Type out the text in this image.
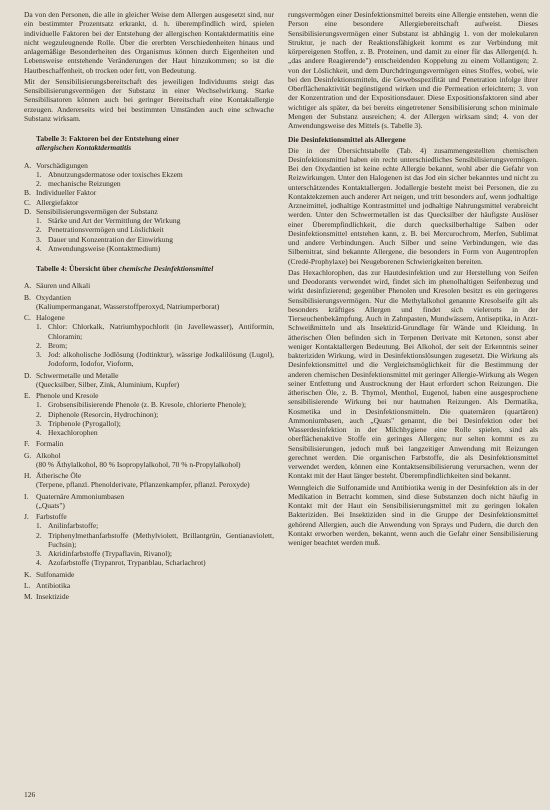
Da von den Personen, die alle in gleicher Weise dem Allergen ausgesetzt sind, nur ein bestimmter Prozentsatz erkrankt, d. h. überempfindlich wird, spielen individuelle Faktoren bei der Entstehung der allergischen Kontaktdermatitis eine nicht wegzuleugnende Rolle. Über die ererbten Verschiedenheiten hinaus und anlagemäßige Besonderheiten des Organismus können durch Eigenheiten und Lebensweise entstehende Veränderungen der Haut hinzukommen; so ist die Hautbeschaffenheit, ob trocken oder fett, von Bedeutung.

Mit der Sensibilisierungsbereitschaft des jeweiligen Individuums steigt das Sensibilisierungsvermögen der Substanz in einer Wechselwirkung. Starke Sensibilisatoren können auch bei geringer Bereitschaft eine Kontaktallergie erzeugen. Andererseits wird bei bestimmten Umständen auch eine schwache Substanz wirksam.

Tabelle 3: Faktoren bei der Entstehung einer
allergischen Kontaktdermatitis
A. Vorschädigungen
1. Abnutzungsdermatose oder toxisches Ekzem
2. mechanische Reizungen
B. Individueller Faktor
C. Allergiefaktor
D. Sensibilisierungsvermögen der Substanz
1. Stärke und Art der Vermittlung der Wirkung
2. Penetrationsvermögen und Löslichkeit
3. Dauer und Konzentration der Einwirkung
4. Anwendungsweise (Kontaktmedium)
Tabelle 4: Übersicht über chemische Desinfektionsmittel
A. Säuren und Alkali
B. Oxydantien
(Kaliumpermanganat, Wasserstoffperoxyd, Natriumperborat)
C. Halogene
1. Chlor: Chlorkalk, Natriumhypochlorit (in Javellewasser), Antiformin, Chloramin;
2. Brom;
3. Jod: alkoholische Jodlösung (Jodtinktur), wässrige Jodkalilösung (Lugol), Jodoform, Iodofor, Vioform,
D. Schwermetalle und Metalle
(Quecksilber, Silber, Zink, Aluminium, Kupfer)
E. Phenole und Kresole
1. Grobsensibilisierende Phenole (z. B. Kresole, chlorierte Phenole);
2. Diphenole (Resorcin, Hydrochinon);
3. Triphenole (Pyrogallol);
4. Hexachlorophen
F. Formalin
G. Alkohol
(80 % Äthylalkohol, 80 % Isopropylalkohol, 70 % n-Propylalkohol)
H. Ätherische Öle
(Terpene, pflanzl. Phenolderivate, Pflanzenkampfer, pflanzl. Peroxyde)
I.	Quaternäre Ammoniumbasen
(„Quats")
J. Farbstoffe
1. Anilinfarbstoffe;
2. Triphenylmethanfarbstoffe (Methylviolett, Brillantgrün, Gentianaviolett, Fuchsin);
3. Akridinfarbstoffe (Trypaflavin, Rivanol);
4. Azofarbstoffe (Trypanrot, Trypanblau, Scharlachrot)
K. Sulfonamide
L. Antibiotika
M. Insektizide

rungsvermögen einer Desinfektionsmittel bereits eine Allergie entstehen, wenn die Person eine besondere Allergiebereitschaft aufweist. Dieses Sensibilisierungsvermögen einer Substanz ist abhängig 1. von der molekularen Struktur, je nach der Reaktionsfähigkeit kommt es zur Verbindung mit körpereigenen Stoffen, z. B. Proteinen, und damit zu einer für das Allergen(d. h. „das andere Reagierende") entscheidenden Koppelung zu einem Vollantigen; 2. von der Löslichkeit, und dem Durchdringungsvermögen eines Stoffes, wobei, wie bei den Desinfektionsmitteln, die Gewebsspezifität und Penetration infolge ihrer Oberflächenaktivität begünstigend wirken und die Permeation erleichtern; 3. von der Konzentration und der Expositionsdauer. Diese Expositionsfaktoren sind aber wichtiger als später, da bei bereits eingetretener Sensibilisierung schon minimale Mengen der Substanz ausreichen; 4. der Allergen wirksam sind; 4. von der Anwendungsweise des Mittels (s. Tabelle 3).

Die Desinfektionsmittel als Allergene

Die in der Übersichtstabelle (Tab. 4) zusammengestellten chemischen Desinfektionsmittel haben ein recht unterschiedliches Sensibilisierungsvermögen. Bei den Oxydantien ist keine echte Allergie bekannt, wohl aber die Gefahr von Reizwirkungen. Unter den Halogenen ist das Jod ein sicher bekanntes und nicht zu unterschätzendes Kontaktallergen. Jodallergie besteht meist bei Personen, die zu Kontaktekzemen auch anderer Art neigen, und tritt besonders auf, wenn jodhaltige Arzneimittel, jodhaltige Kontrastmittel und jodhaltige Nahrungsmittel verabreicht werden. Unter den Schwermetallen ist das Quecksilber der häufigste Auslöser einer Überempfindlichkeit, die durch quecksilberhaltige Salben oder Desinfektionsmittel entstehen kann, z. B. bei Mercurochrom, Merfen, Sublimat und andere Verbindungen. Auch Silber und seine Verbindungen, wie das Silbernitrat, sind bekannte Allergene, die besonders in Form von Augentropfen (Credé-Prophylaxe) bei Neugeborenen Schwierigkeiten bereiten.

Das Hexachlorophen, das zur Hautdesinfektion und zur Herstellung von Seifen und Deodorants verwendet wird, findet sich im phenolhaltigen Seifenbezug und wirkt desinfizierend; gegenüber Phenolen und Kresolen besitzt es ein geringeres Sensibilisierungsvermögen. Nur die Methylalkohol genannte Kresolseife gilt als besonders kräftiges Allergen und findet sich vielerorts in der Tierseuchenbekämpfung. Auch in Zahnpasten, Mundwässern, Antiseptika, in Arzt-Schweißmitteln und als Insektizid-Grundlage für Wände und Kleidung. In ätherischen Ölen befinden sich in Terpenen Derivate mit Ketonen, sonst aber weniger Kontaktallergen Bedeutung. Bei Alkohol, der seit der Erkenntnis seiner bakteriziden Wirkung, wird in Desinfektionslösungen zugesetzt. Die Wirkung als Desinfektionsmittel und die Vergleichsmöglichkeit für die Bestimmung der anderen chemischen Desinfektionsmittel mit geringer Allergie-Wirkung als Wegen seiner Entfettung und Austrocknung der Haut erfordert schon Reizungen. Die ätherischen Öle, z. B. Thymol, Menthol, Eugenol, haben eine ausgesprochene sensibilisierende Wirkung bei nur hautnahen Reizungen. Als Dermatika, Kosmetika und in Desinfektionsmitteln. Die quaternären (quartären) Ammoniumbasen, auch „Quats" genannt, die bei Desinfektion oder bei Wasserdesinfektion in der Milchhygiene eine Rolle spielen, sind als oberflächenaktive Stoffe ein geringes Allergen; nur selten kommt es zu Sensibilisierungen, jedoch muß bei langzeitiger Anwendung mit Reizungen gerechnet werden. Die organischen Farbstoffe, die als Desinfektionsmittel verwendet werden, können eine Kontaktsensibilisierung verursachen, wenn der Kontakt mit der Haut länger besteht. Überempfindlichkeiten sind bekannt.

Wenngleich die Sulfonamide und Antibiotika wenig in der Desinfektion als in der Medikation in Betracht kommen, sind diese Substanzen doch nicht häufig in Kontakt mit der Haut ein Sensibilisierungsmittel mit zu geringen lokalen Bakteriziden. Bei Insektiziden sind in die Gruppe der Desinfektionsmittel gehörend Allergien, auch die Anwendung von Sprays und Pudern, die durch den Kontakt erworben werden, bekannt, wenn auch die Gefahr einer Sensibilisierung weniger beachtet werden muß.

126
